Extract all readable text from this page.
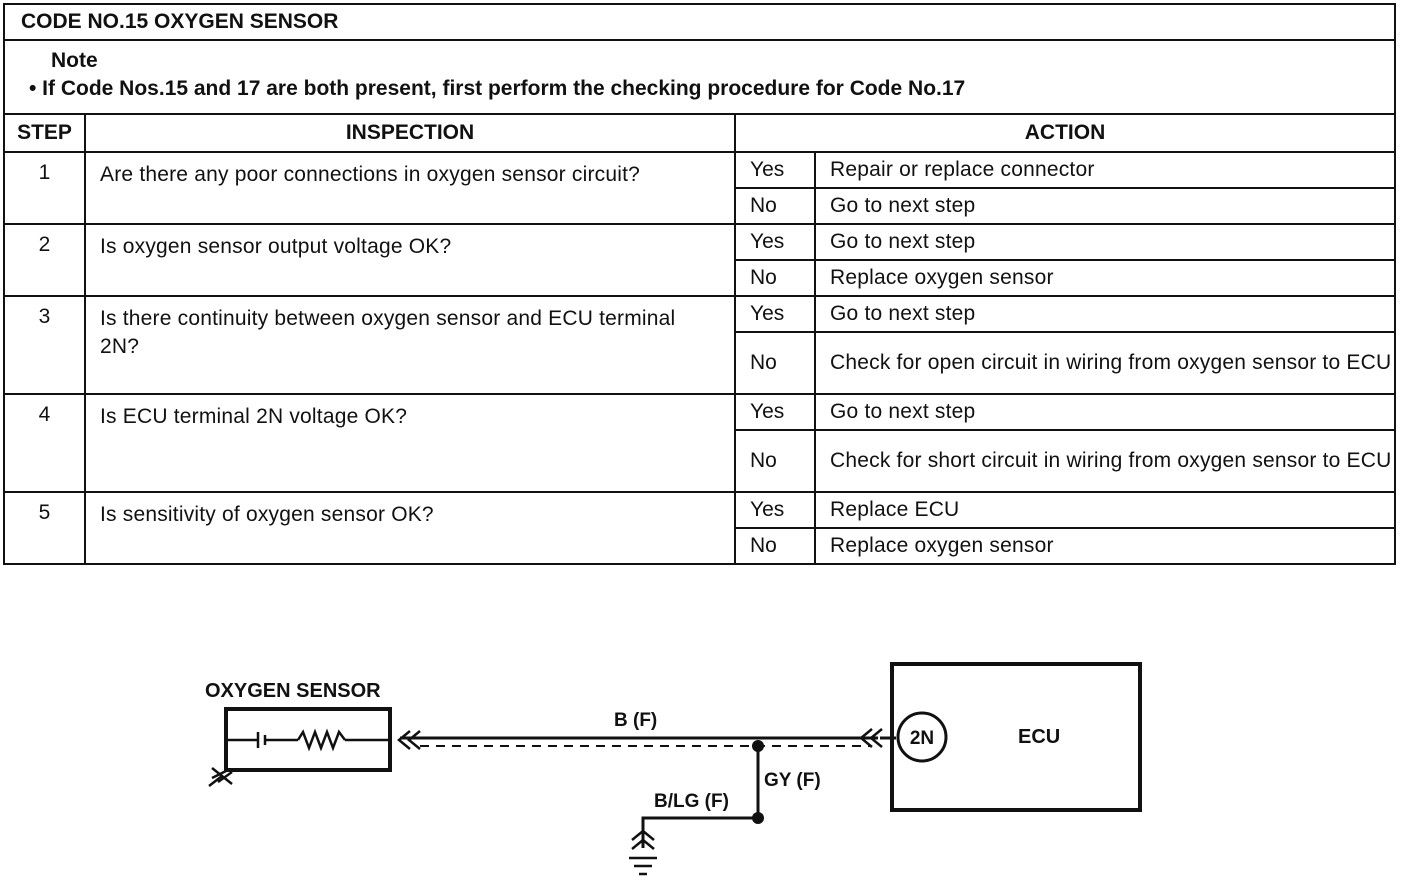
CODE NO.15 OXYGEN SENSOR			

Note
• If Code Nos.15 and 17 are both present, first perform the checking procedure for Code No.17			

STEP	INSPECTION	ACTION	
1	Are there any poor connections in oxygen sensor circuit?	Yes	Repair or replace connector
		No	Go to next step
2	Is oxygen sensor output voltage OK?	Yes	Go to next step
		No	Replace oxygen sensor
3	Is there continuity between oxygen sensor and ECU terminal 2N?	Yes	Go to next step
		No	Check for open circuit in wiring from oxygen sensor to ECU
4	Is ECU terminal 2N voltage OK?	Yes	Go to next step
		No	Check for short circuit in wiring from oxygen sensor to ECU
5	Is sensitivity of oxygen sensor OK?	Yes	Replace ECU
		No	Replace oxygen sensor
OXYGEN SENSOR
B (F)
GY (F)
B/LG (F)
2N	ECU
